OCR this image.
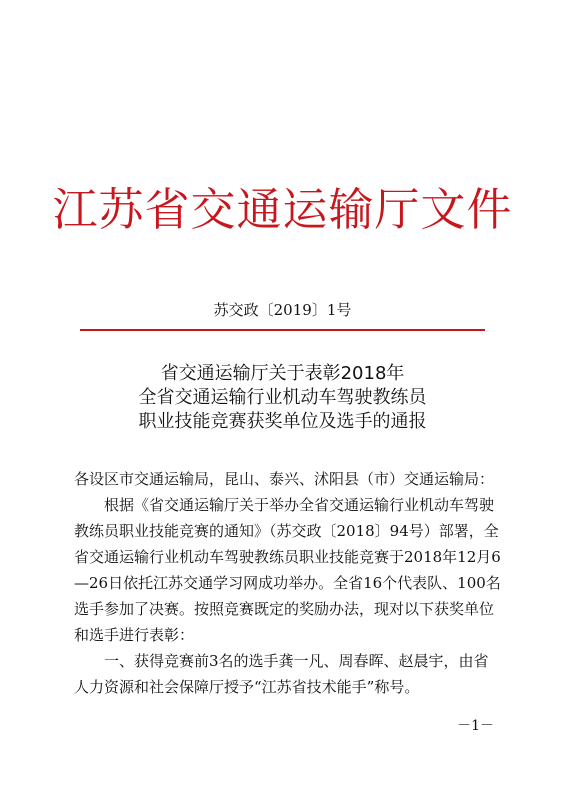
江苏省交通运输厅文件
苏交政〔2019〕1号
省交通运输厅关于表彰2018年
全省交通运输行业机动车驾驶教练员
职业技能竞赛获奖单位及选手的通报
各设区市交通运输局，昆山、泰兴、沭阳县（市）交通运输局：
根据《省交通运输厅关于举办全省交通运输行业机动车驾驶
教练员职业技能竞赛的通知》（苏交政〔2018〕94号）部署，全
省交通运输行业机动车驾驶教练员职业技能竞赛于2018年12月6
—26日依托江苏交通学习网成功举办。全省16个代表队、100名
选手参加了决赛。按照竞赛既定的奖励办法，现对以下获奖单位
和选手进行表彰：
一、获得竞赛前3名的选手龚一凡、周春晖、赵晨宇，由省
人力资源和社会保障厅授予“江苏省技术能手”称号。
－1－
